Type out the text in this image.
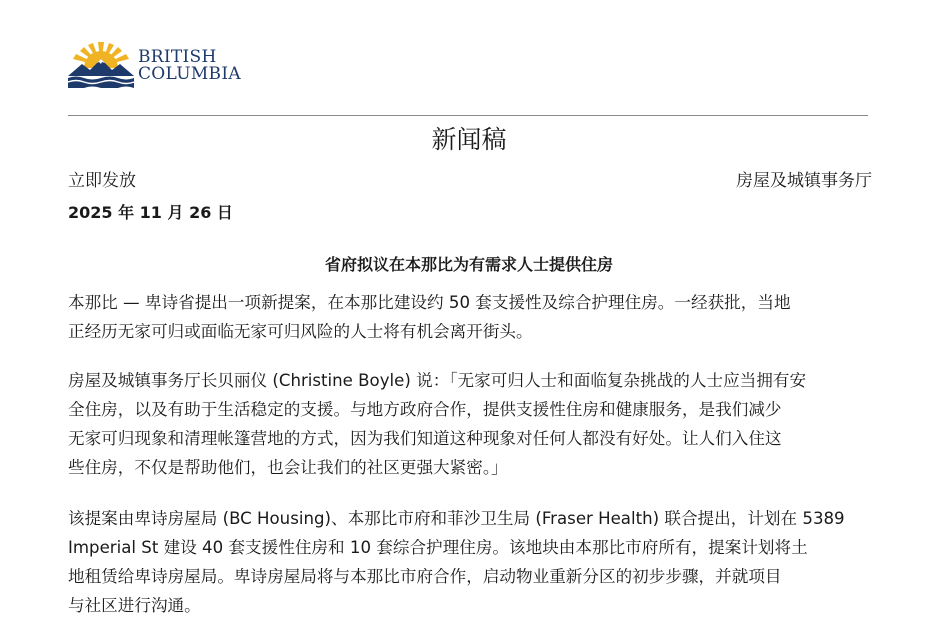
BRITISH
COLUMBIA
新闻稿
立即发放	房屋及城镇事务厅
2025 年 11 月 26 日
省府拟议在本那比为有需求人士提供住房
本那比 — 卑诗省提出一项新提案，在本那比建设约 50 套支援性及综合护理住房。一经获批，当地
正经历无家可归或面临无家可归风险的人士将有机会离开街头。
房屋及城镇事务厅长贝丽仪 (Christine Boyle) 说：「无家可归人士和面临复杂挑战的人士应当拥有安
全住房，以及有助于生活稳定的支援。与地方政府合作，提供支援性住房和健康服务，是我们减少
无家可归现象和清理帐篷营地的方式，因为我们知道这种现象对任何人都没有好处。让人们入住这
些住房，不仅是帮助他们，也会让我们的社区更强大紧密。」
该提案由卑诗房屋局 (BC Housing)、本那比市府和菲沙卫生局 (Fraser Health) 联合提出，计划在 5389
Imperial St 建设 40 套支援性住房和 10 套综合护理住房。该地块由本那比市府所有，提案计划将土
地租赁给卑诗房屋局。卑诗房屋局将与本那比市府合作，启动物业重新分区的初步步骤，并就项目
与社区进行沟通。
